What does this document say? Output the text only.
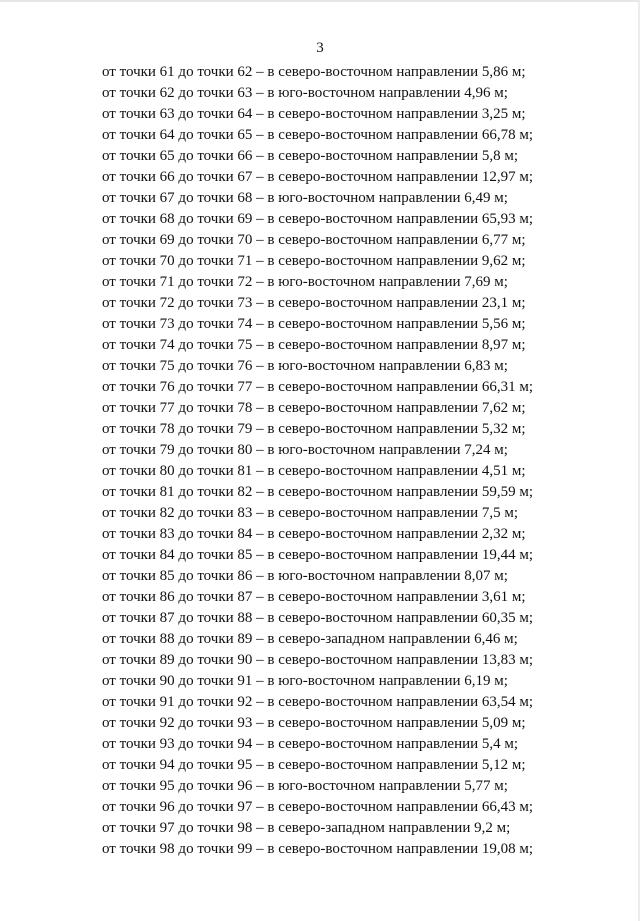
3
от точки 61 до точки 62 – в северо-восточном направлении 5,86 м;
от точки 62 до точки 63 – в юго-восточном направлении 4,96 м;
от точки 63 до точки 64 – в северо-восточном направлении 3,25 м;
от точки 64 до точки 65 – в северо-восточном направлении 66,78 м;
от точки 65 до точки 66 – в северо-восточном направлении 5,8 м;
от точки 66 до точки 67 – в северо-восточном направлении 12,97 м;
от точки 67 до точки 68 – в юго-восточном направлении 6,49 м;
от точки 68 до точки 69 – в северо-восточном направлении 65,93 м;
от точки 69 до точки 70 – в северо-восточном направлении 6,77 м;
от точки 70 до точки 71 – в северо-восточном направлении 9,62 м;
от точки 71 до точки 72 – в юго-восточном направлении 7,69 м;
от точки 72 до точки 73 – в северо-восточном направлении 23,1 м;
от точки 73 до точки 74 – в северо-восточном направлении 5,56 м;
от точки 74 до точки 75 – в северо-восточном направлении 8,97 м;
от точки 75 до точки 76 – в юго-восточном направлении 6,83 м;
от точки 76 до точки 77 – в северо-восточном направлении 66,31 м;
от точки 77 до точки 78 – в северо-восточном направлении 7,62 м;
от точки 78 до точки 79 – в северо-восточном направлении 5,32 м;
от точки 79 до точки 80 – в юго-восточном направлении 7,24 м;
от точки 80 до точки 81 – в северо-восточном направлении 4,51 м;
от точки 81 до точки 82 – в северо-восточном направлении 59,59 м;
от точки 82 до точки 83 – в северо-восточном направлении 7,5 м;
от точки 83 до точки 84 – в северо-восточном направлении 2,32 м;
от точки 84 до точки 85 – в северо-восточном направлении 19,44 м;
от точки 85 до точки 86 – в юго-восточном направлении 8,07 м;
от точки 86 до точки 87 – в северо-восточном направлении 3,61 м;
от точки 87 до точки 88 – в северо-восточном направлении 60,35 м;
от точки 88 до точки 89 – в северо-западном направлении 6,46 м;
от точки 89 до точки 90 – в северо-восточном направлении 13,83 м;
от точки 90 до точки 91 – в юго-восточном направлении 6,19 м;
от точки 91 до точки 92 – в северо-восточном направлении 63,54 м;
от точки 92 до точки 93 – в северо-восточном направлении 5,09 м;
от точки 93 до точки 94 – в северо-восточном направлении 5,4 м;
от точки 94 до точки 95 – в северо-восточном направлении 5,12 м;
от точки 95 до точки 96 – в юго-восточном направлении 5,77 м;
от точки 96 до точки 97 – в северо-восточном направлении 66,43 м;
от точки 97 до точки 98 – в северо-западном направлении 9,2 м;
от точки 98 до точки 99 – в северо-восточном направлении 19,08 м;
